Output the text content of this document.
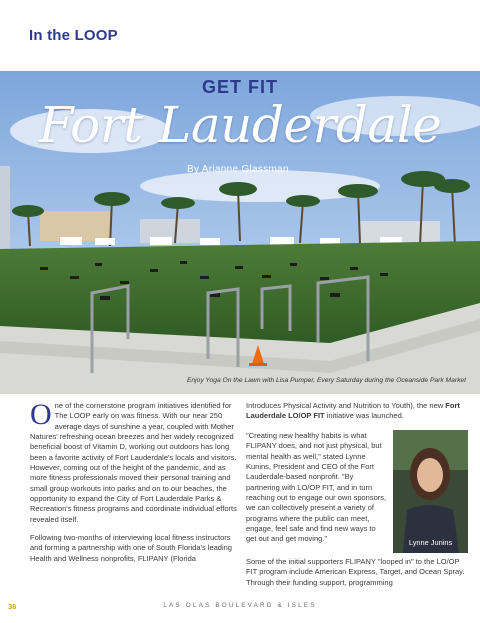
In the LOOP
GET FIT
Fort Lauderdale
By Arianne Glassman
Enjoy Yoga On the Lawn with Lisa Pumper, Every Saturday during the Oceanside Park Market

One of the cornerstone program initiatives identified for The LOOP early on was fitness. With our near 250 average days of sunshine a year, coupled with Mother Natures' refreshing ocean breezes and her widely recognized beneficial boost of Vitamin D, working out outdoors has long been a favorite activity of Fort Lauderdale's locals and visitors. However, coming out of the height of the pandemic, and as more fitness professionals moved their personal training and small group workouts into parks and on to our beaches, the opportunity to expand the City of Fort Lauderdale Parks & Recreation's fitness programs and coordinate individual efforts revealed itself.

Following two-months of interviewing local fitness instructors and forming a partnership with one of South Florida's leading Health and Wellness nonprofits, FLIPANY (Florida

Introduces Physical Activity and Nutrition to Youth), the new Fort Lauderdale LO/OP FIT initiative was launched.

"Creating new healthy habits is what FLIPANY does, and not just physical, but mental health as well," stated Lynne Kunins, President and CEO of the Fort Lauderdale-based nonprofit. "By partnering with LO/OP FIT, and in turn reaching out to engage our own sponsors, we can collectively present a variety of programs where the public can meet, engage, feel safe and find new ways to get out and get moving."	Lynne Junins

Some of the initial supporters FLIPANY "looped in" to the LO/OP FIT program include American Express, Target, and Ocean Spray. Through their funding support, programming

36	LAS OLAS BOULEVARD & ISLES
